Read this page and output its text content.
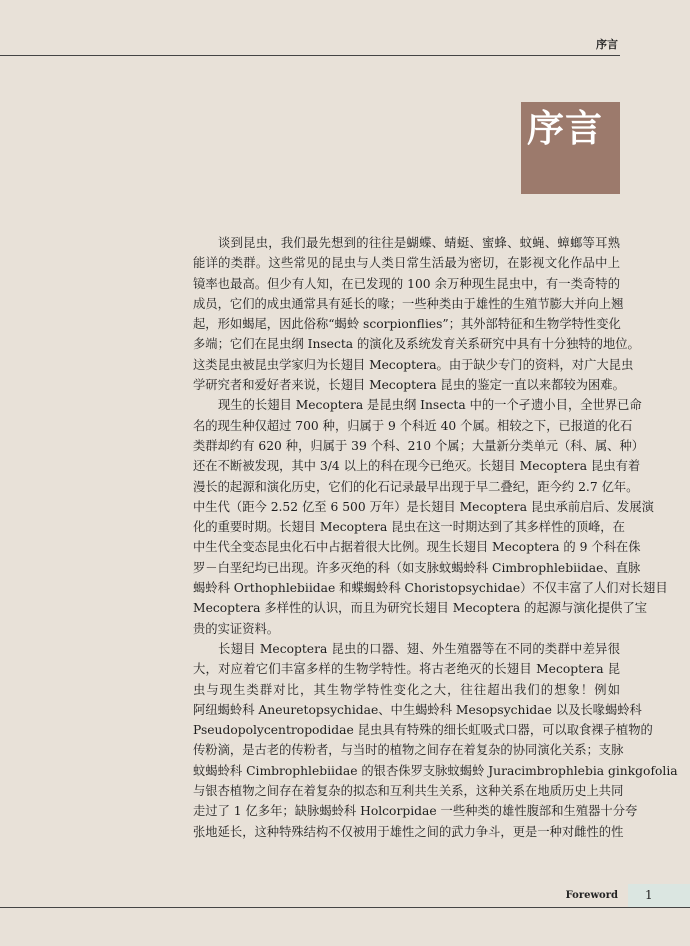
序言
序言
谈到昆虫，我们最先想到的往往是蝴蝶、蜻蜓、蜜蜂、蚊蝇、蟑螂等耳熟
能详的类群。这些常见的昆虫与人类日常生活最为密切，在影视文化作品中上
镜率也最高。但少有人知，在已发现的 100 余万种现生昆虫中，有一类奇特的
成员，它们的成虫通常具有延长的喙；一些种类由于雄性的生殖节膨大并向上翘
起，形如蝎尾，因此俗称“蝎蛉 scorpionflies”；其外部特征和生物学特性变化
多端；它们在昆虫纲 Insecta 的演化及系统发育关系研究中具有十分独特的地位。
这类昆虫被昆虫学家归为长翅目 Mecoptera。由于缺少专门的资料，对广大昆虫
学研究者和爱好者来说，长翅目 Mecoptera 昆虫的鉴定一直以来都较为困难。
现生的长翅目 Mecoptera 是昆虫纲 Insecta 中的一个孑遗小目，全世界已命
名的现生种仅超过 700 种，归属于 9 个科近 40 个属。相较之下，已报道的化石
类群却约有 620 种，归属于 39 个科、210 个属；大量新分类单元（科、属、种）
还在不断被发现，其中 3/4 以上的科在现今已绝灭。长翅目 Mecoptera 昆虫有着
漫长的起源和演化历史，它们的化石记录最早出现于早二叠纪，距今约 2.7 亿年。
中生代（距今 2.52 亿至 6 500 万年）是长翅目 Mecoptera 昆虫承前启后、发展演
化的重要时期。长翅目 Mecoptera 昆虫在这一时期达到了其多样性的顶峰，在
中生代全变态昆虫化石中占据着很大比例。现生长翅目 Mecoptera 的 9 个科在侏
罗－白垩纪均已出现。许多灭绝的科（如支脉蚊蝎蛉科 Cimbrophlebiidae、直脉
蝎蛉科 Orthophlebiidae 和蝶蝎蛉科 Choristopsychidae）不仅丰富了人们对长翅目
Mecoptera 多样性的认识，而且为研究长翅目 Mecoptera 的起源与演化提供了宝
贵的实证资料。
长翅目 Mecoptera 昆虫的口器、翅、外生殖器等在不同的类群中差异很
大，对应着它们丰富多样的生物学特性。将古老绝灭的长翅目 Mecoptera 昆
虫与现生类群对比，其生物学特性变化之大，往往超出我们的想象！例如
阿纽蝎蛉科 Aneuretopsychidae、中生蝎蛉科 Mesopsychidae 以及长喙蝎蛉科
Pseudopolycentropodidae 昆虫具有特殊的细长虹吸式口器，可以取食裸子植物的
传粉滴，是古老的传粉者，与当时的植物之间存在着复杂的协同演化关系；支脉
蚊蝎蛉科 Cimbrophlebiidae 的银杏侏罗支脉蚊蝎蛉 Juracimbrophlebia ginkgofolia
与银杏植物之间存在着复杂的拟态和互利共生关系，这种关系在地质历史上共同
走过了 1 亿多年；缺脉蝎蛉科 Holcorpidae 一些种类的雄性腹部和生殖器十分夸
张地延长，这种特殊结构不仅被用于雄性之间的武力争斗，更是一种对雌性的性
Foreword 1
